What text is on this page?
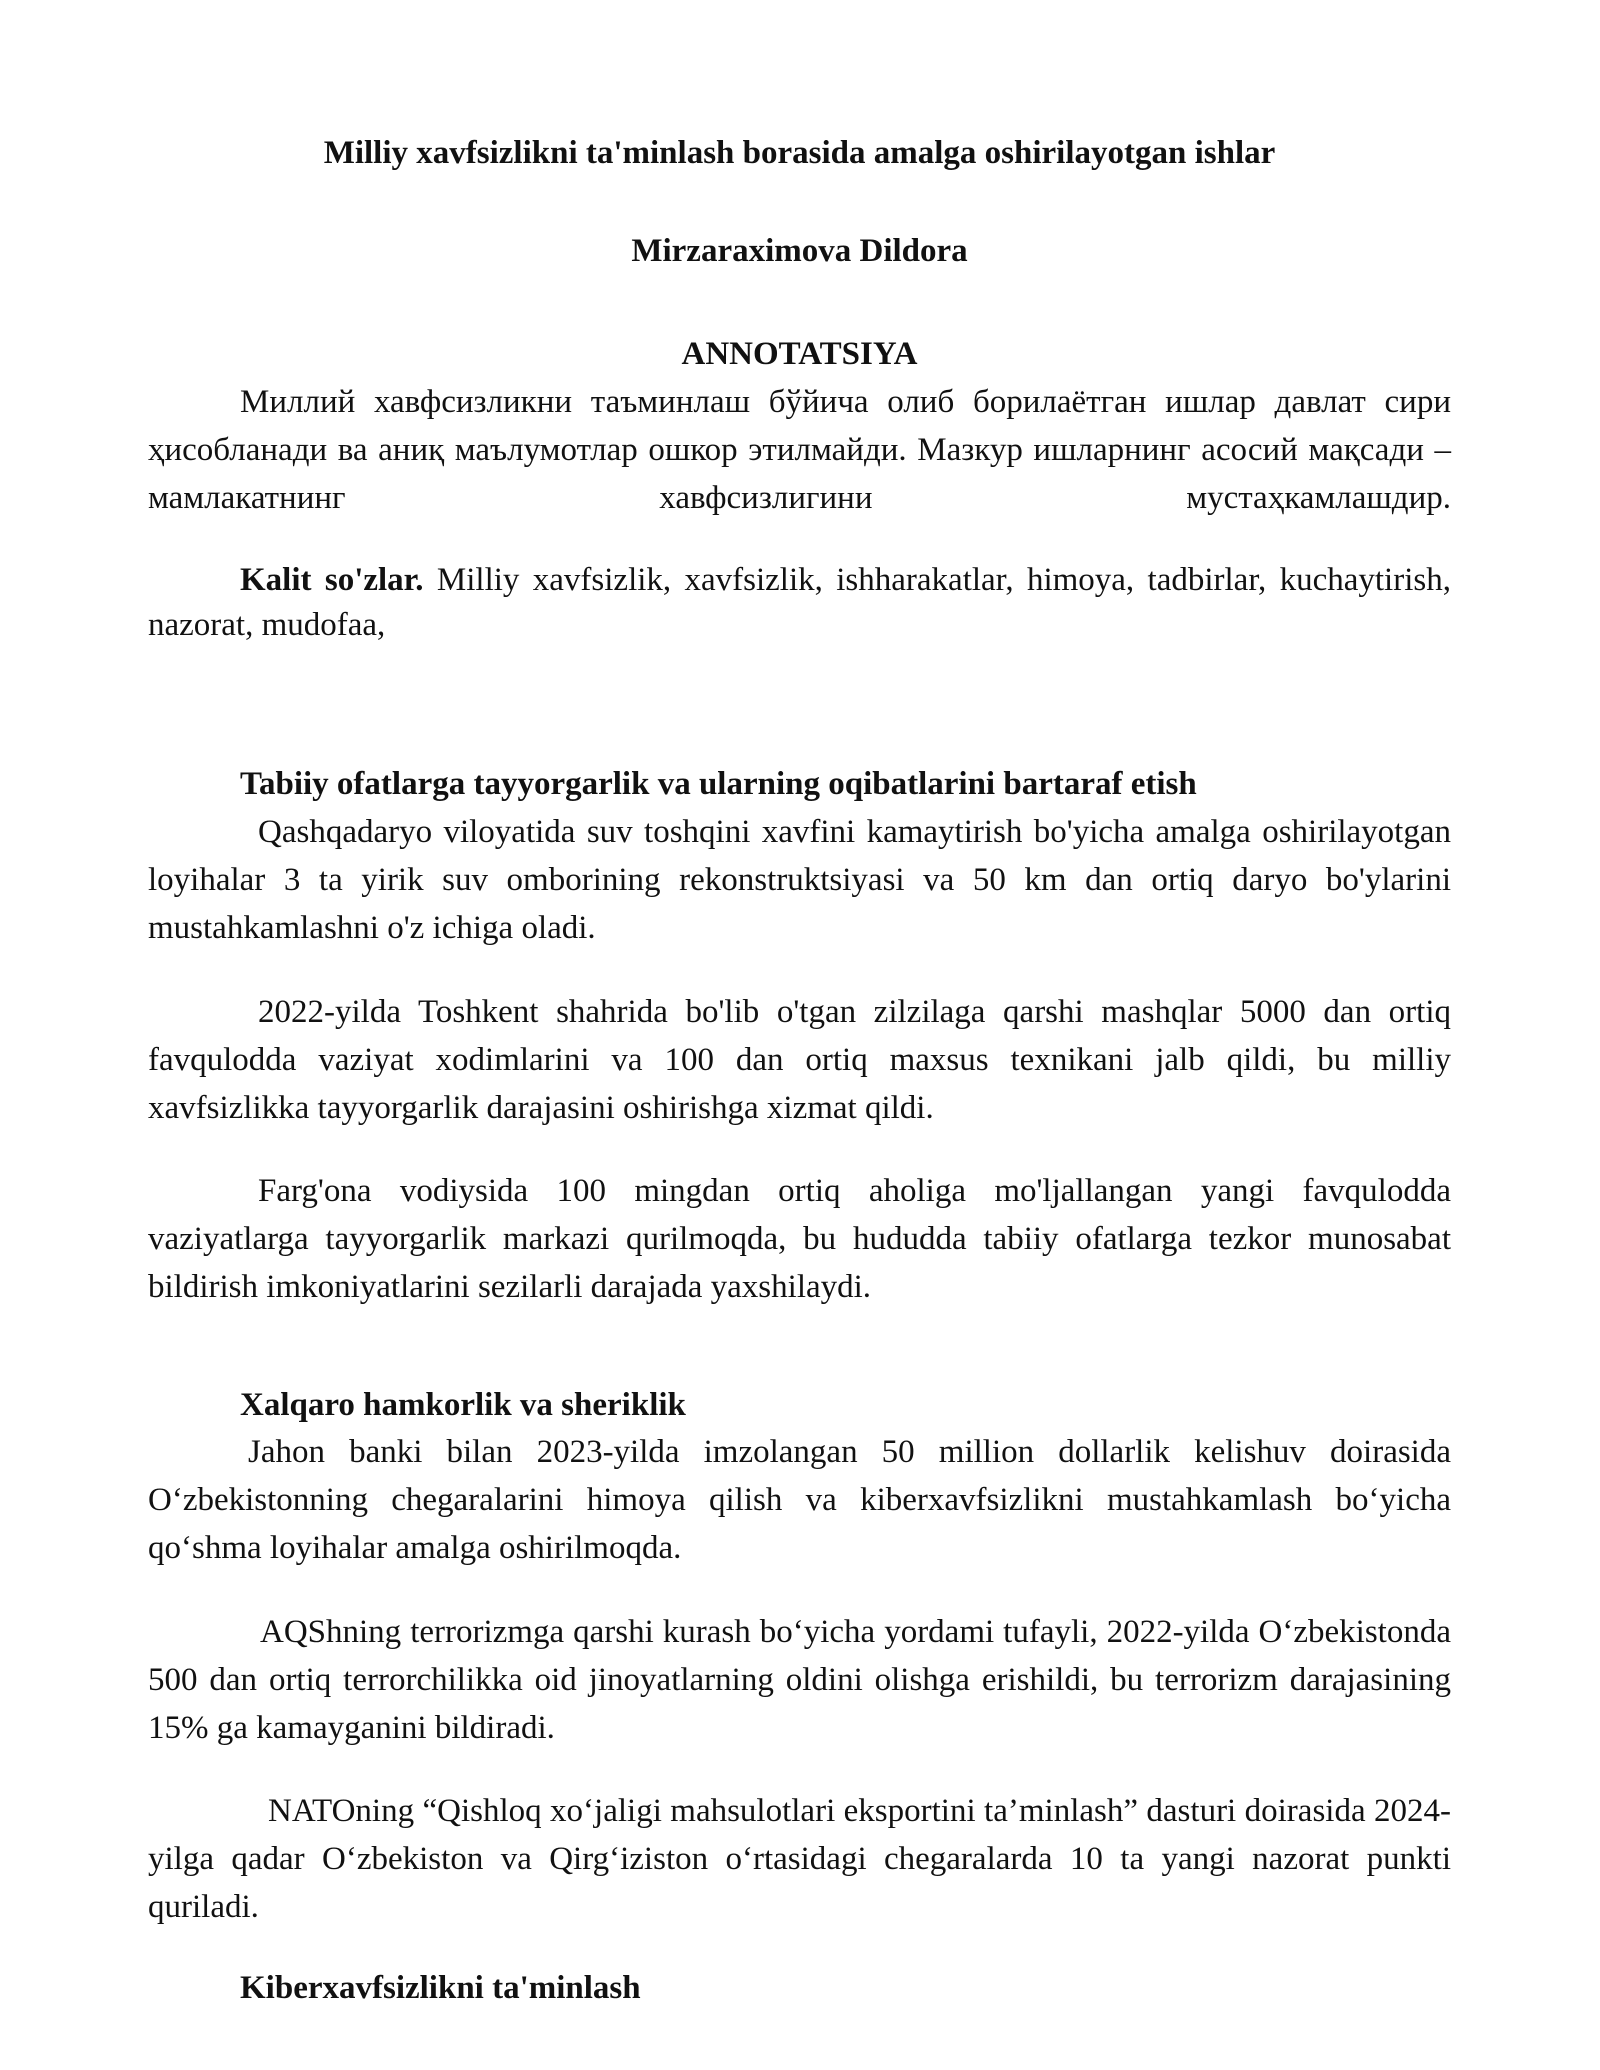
Milliy xavfsizlikni ta'minlash borasida amalga oshirilayotgan ishlar
Mirzaraximova Dildora
ANNOTATSIYA

Миллий хавфсизликни таъминлаш бўйича олиб борилаётган ишлар давлат сири ҳисобланади ва аниқ маълумотлар ошкор этилмайди. Мазкур ишларнинг асосий мақсади – мамлакатнинг хавфсизлигини мустаҳкамлашдир.

Kalit so'zlar. Milliy xavfsizlik, xavfsizlik, ishharakatlar, himoya, tadbirlar, kuchaytirish, nazorat, mudofaa,

Tabiiy ofatlarga tayyorgarlik va ularning oqibatlarini bartaraf etish

Qashqadaryo viloyatida suv toshqini xavfini kamaytirish bo'yicha amalga oshirilayotgan loyihalar 3 ta yirik suv omborining rekonstruktsiyasi va 50 km dan ortiq daryo bo'ylarini mustahkamlashni o'z ichiga oladi.

2022-yilda Toshkent shahrida bo'lib o'tgan zilzilaga qarshi mashqlar 5000 dan ortiq favqulodda vaziyat xodimlarini va 100 dan ortiq maxsus texnikani jalb qildi, bu milliy xavfsizlikka tayyorgarlik darajasini oshirishga xizmat qildi.

Farg'ona vodiysida 100 mingdan ortiq aholiga mo'ljallangan yangi favqulodda vaziyatlarga tayyorgarlik markazi qurilmoqda, bu hududda tabiiy ofatlarga tezkor munosabat bildirish imkoniyatlarini sezilarli darajada yaxshilaydi.

Xalqaro hamkorlik va sheriklik

Jahon banki bilan 2023-yilda imzolangan 50 million dollarlik kelishuv doirasida O‘zbekistonning chegaralarini himoya qilish va kiberxavfsizlikni mustahkamlash bo‘yicha qo‘shma loyihalar amalga oshirilmoqda.

AQShning terrorizmga qarshi kurash bo‘yicha yordami tufayli, 2022-yilda O‘zbekistonda 500 dan ortiq terrorchilikka oid jinoyatlarning oldini olishga erishildi, bu terrorizm darajasining 15% ga kamayganini bildiradi.

NATOning “Qishloq xo‘jaligi mahsulotlari eksportini ta’minlash” dasturi doirasida 2024-yilga qadar O‘zbekiston va Qirg‘iziston o‘rtasidagi chegaralarda 10 ta yangi nazorat punkti quriladi.

Kiberxavfsizlikni ta'minlash
